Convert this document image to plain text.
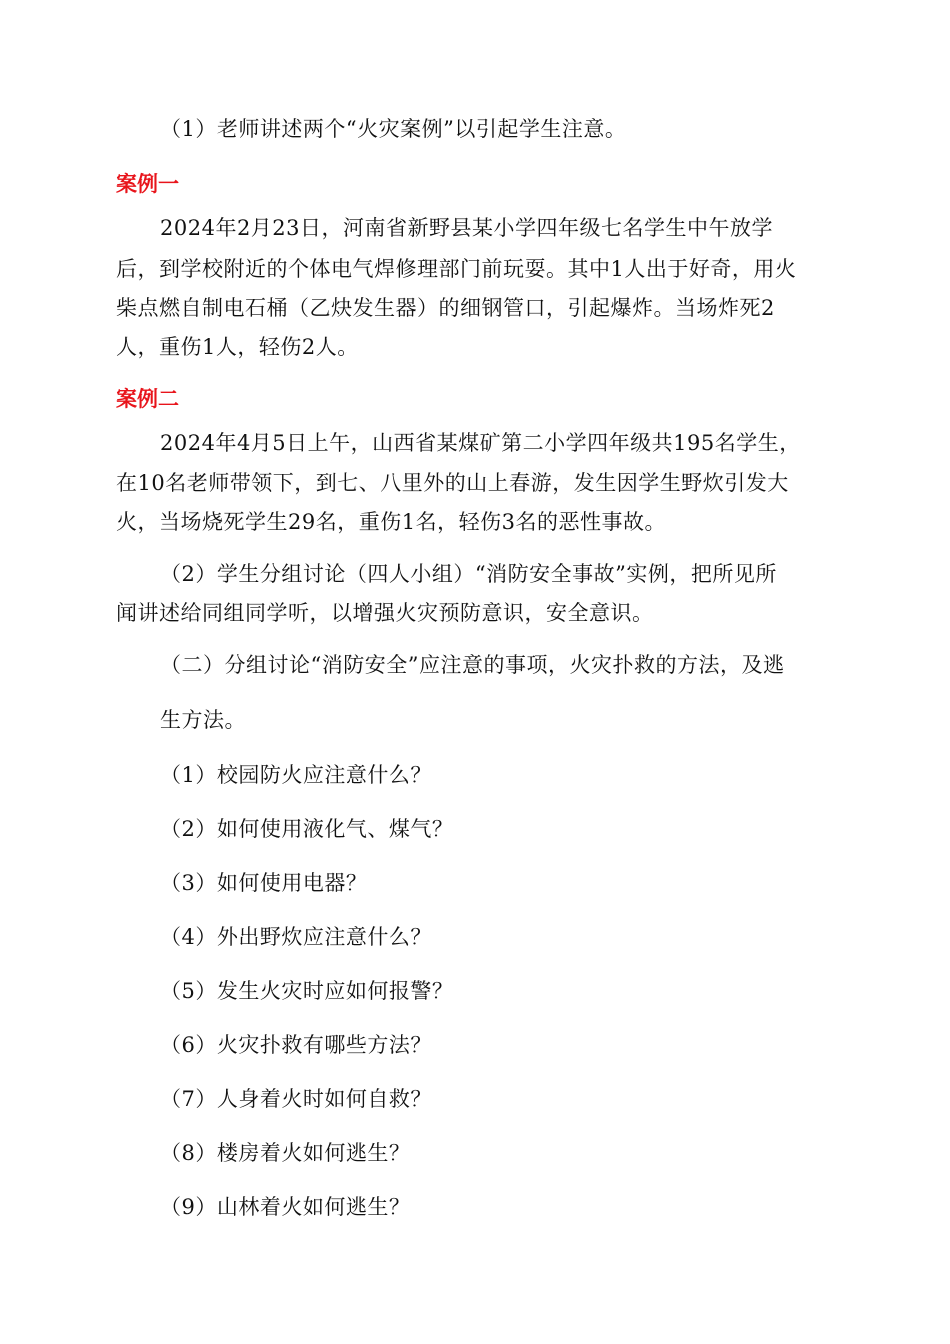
（1）老师讲述两个“火灾案例”以引起学生注意。
案例一
2024年2月23日，河南省新野县某小学四年级七名学生中午放学
后，到学校附近的个体电气焊修理部门前玩耍。其中1人出于好奇，用火
柴点燃自制电石桶（乙炔发生器）的细钢管口，引起爆炸。当场炸死2
人，重伤1人，轻伤2人。
案例二
2024年4月5日上午，山西省某煤矿第二小学四年级共195名学生，
在10名老师带领下，到七、八里外的山上春游，发生因学生野炊引发大
火，当场烧死学生29名，重伤1名，轻伤3名的恶性事故。
（2）学生分组讨论（四人小组）“消防安全事故”实例，把所见所
闻讲述给同组同学听，以增强火灾预防意识，安全意识。
（二）分组讨论“消防安全”应注意的事项，火灾扑救的方法，及逃
生方法。
（1）校园防火应注意什么？
（2）如何使用液化气、煤气？
（3）如何使用电器？
（4）外出野炊应注意什么？
（5）发生火灾时应如何报警？
（6）火灾扑救有哪些方法？
（7）人身着火时如何自救？
（8）楼房着火如何逃生？
（9）山林着火如何逃生？
